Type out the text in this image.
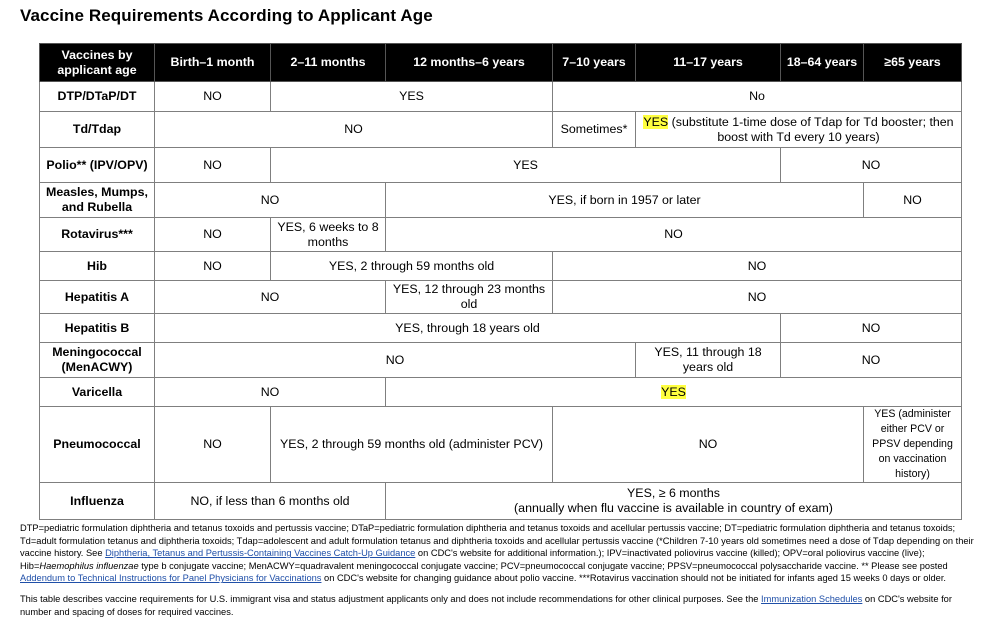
Vaccine Requirements According to Applicant Age
Vaccines by applicant age	Birth–1 month	2–11 months	12 months–6 years	7–10 years	11–17 years	18–64 years	≥65 years
DTP/DTaP/DT	NO	YES		No			
Td/Tdap	NO			Sometimes*	YES (substitute 1-time dose of Tdap for Td booster; then boost with Td every 10 years)		
Polio** (IPV/OPV)	NO	YES				NO	
Measles, Mumps, and Rubella	NO		YES, if born in 1957 or later				NO
Rotavirus***	NO	YES, 6 weeks to 8 months	NO				
Hib	NO	YES, 2 through 59 months old		NO			
Hepatitis A	NO		YES, 12 through 23 months old	NO			
Hepatitis B	YES, through 18 years old					NO	
Meningococcal (MenACWY)	NO				YES, 11 through 18 years old	NO	
Varicella	NO		YES				
Pneumococcal	NO	YES, 2 through 59 months old (administer PCV)		NO			YES (administer either PCV or PPSV depending on vaccination history)
Influenza	NO, if less than 6 months old		YES, ≥ 6 months
(annually when flu vaccine is available in country of exam)				

DTP=pediatric formulation diphtheria and tetanus toxoids and pertussis vaccine; DTaP=pediatric formulation diphtheria and tetanus toxoids and acellular pertussis vaccine; DT=pediatric formulation diphtheria and tetanus toxoids; Td=adult formulation tetanus and diphtheria toxoids; Tdap=adolescent and adult formulation tetanus and diphtheria toxoids and acellular pertussis vaccine (*Children 7-10 years old sometimes need a dose of Tdap depending on their vaccine history. See Diphtheria, Tetanus and Pertussis-Containing Vaccines Catch-Up Guidance on CDC's website for additional information.); IPV=inactivated poliovirus vaccine (killed); OPV=oral poliovirus vaccine (live); Hib=Haemophilus influenzae type b conjugate vaccine; MenACWY=quadravalent meningococcal conjugate vaccine; PCV=pneumococcal conjugate vaccine; PPSV=pneumococcal polysaccharide vaccine. ** Please see posted Addendum to Technical Instructions for Panel Physicians for Vaccinations on CDC's website for changing guidance about polio vaccine. ***Rotavirus vaccination should not be initiated for infants aged 15 weeks 0 days or older.

This table describes vaccine requirements for U.S. immigrant visa and status adjustment applicants only and does not include recommendations for other clinical purposes. See the Immunization Schedules on CDC's website for number and spacing of doses for required vaccines.
